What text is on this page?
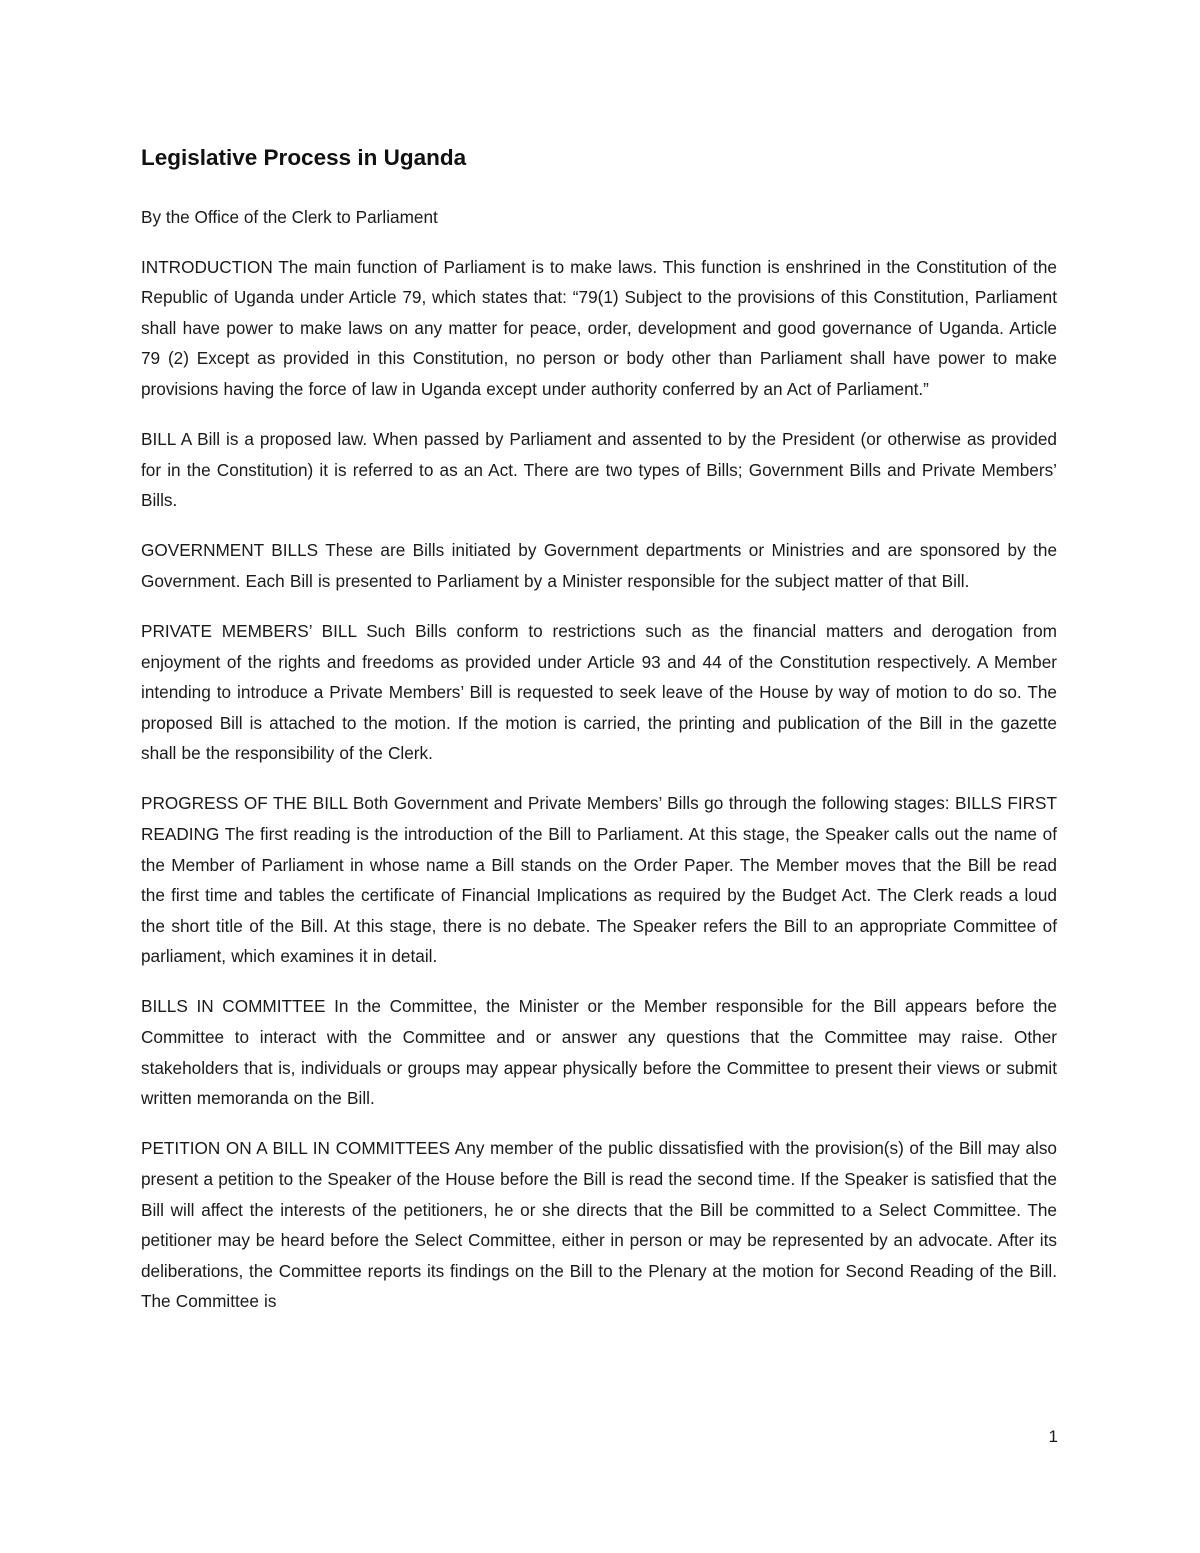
Legislative Process in Uganda

By the Office of the Clerk to Parliament

INTRODUCTION The main function of Parliament is to make laws. This function is enshrined in the Constitution of the Republic of Uganda under Article 79, which states that: “79(1) Subject to the provisions of this Constitution, Parliament shall have power to make laws on any matter for peace, order, development and good governance of Uganda. Article 79 (2) Except as provided in this Constitution, no person or body other than Parliament shall have power to make provisions having the force of law in Uganda except under authority conferred by an Act of Parliament.”

BILL A Bill is a proposed law. When passed by Parliament and assented to by the President (or otherwise as provided for in the Constitution) it is referred to as an Act. There are two types of Bills; Government Bills and Private Members’ Bills.

GOVERNMENT BILLS These are Bills initiated by Government departments or Ministries and are sponsored by the Government. Each Bill is presented to Parliament by a Minister responsible for the subject matter of that Bill.

PRIVATE MEMBERS’ BILL Such Bills conform to restrictions such as the financial matters and derogation from enjoyment of the rights and freedoms as provided under Article 93 and 44 of the Constitution respectively. A Member intending to introduce a Private Members’ Bill is requested to seek leave of the House by way of motion to do so. The proposed Bill is attached to the motion. If the motion is carried, the printing and publication of the Bill in the gazette shall be the responsibility of the Clerk.

PROGRESS OF THE BILL Both Government and Private Members’ Bills go through the following stages: BILLS FIRST READING The first reading is the introduction of the Bill to Parliament. At this stage, the Speaker calls out the name of the Member of Parliament in whose name a Bill stands on the Order Paper. The Member moves that the Bill be read the first time and tables the certificate of Financial Implications as required by the Budget Act. The Clerk reads a loud the short title of the Bill. At this stage, there is no debate. The Speaker refers the Bill to an appropriate Committee of parliament, which examines it in detail.

BILLS IN COMMITTEE In the Committee, the Minister or the Member responsible for the Bill appears before the Committee to interact with the Committee and or answer any questions that the Committee may raise. Other stakeholders that is, individuals or groups may appear physically before the Committee to present their views or submit written memoranda on the Bill.

PETITION ON A BILL IN COMMITTEES Any member of the public dissatisfied with the provision(s) of the Bill may also present a petition to the Speaker of the House before the Bill is read the second time. If the Speaker is satisfied that the Bill will affect the interests of the petitioners, he or she directs that the Bill be committed to a Select Committee. The petitioner may be heard before the Select Committee, either in person or may be represented by an advocate. After its deliberations, the Committee reports its findings on the Bill to the Plenary at the motion for Second Reading of the Bill. The Committee is

1
